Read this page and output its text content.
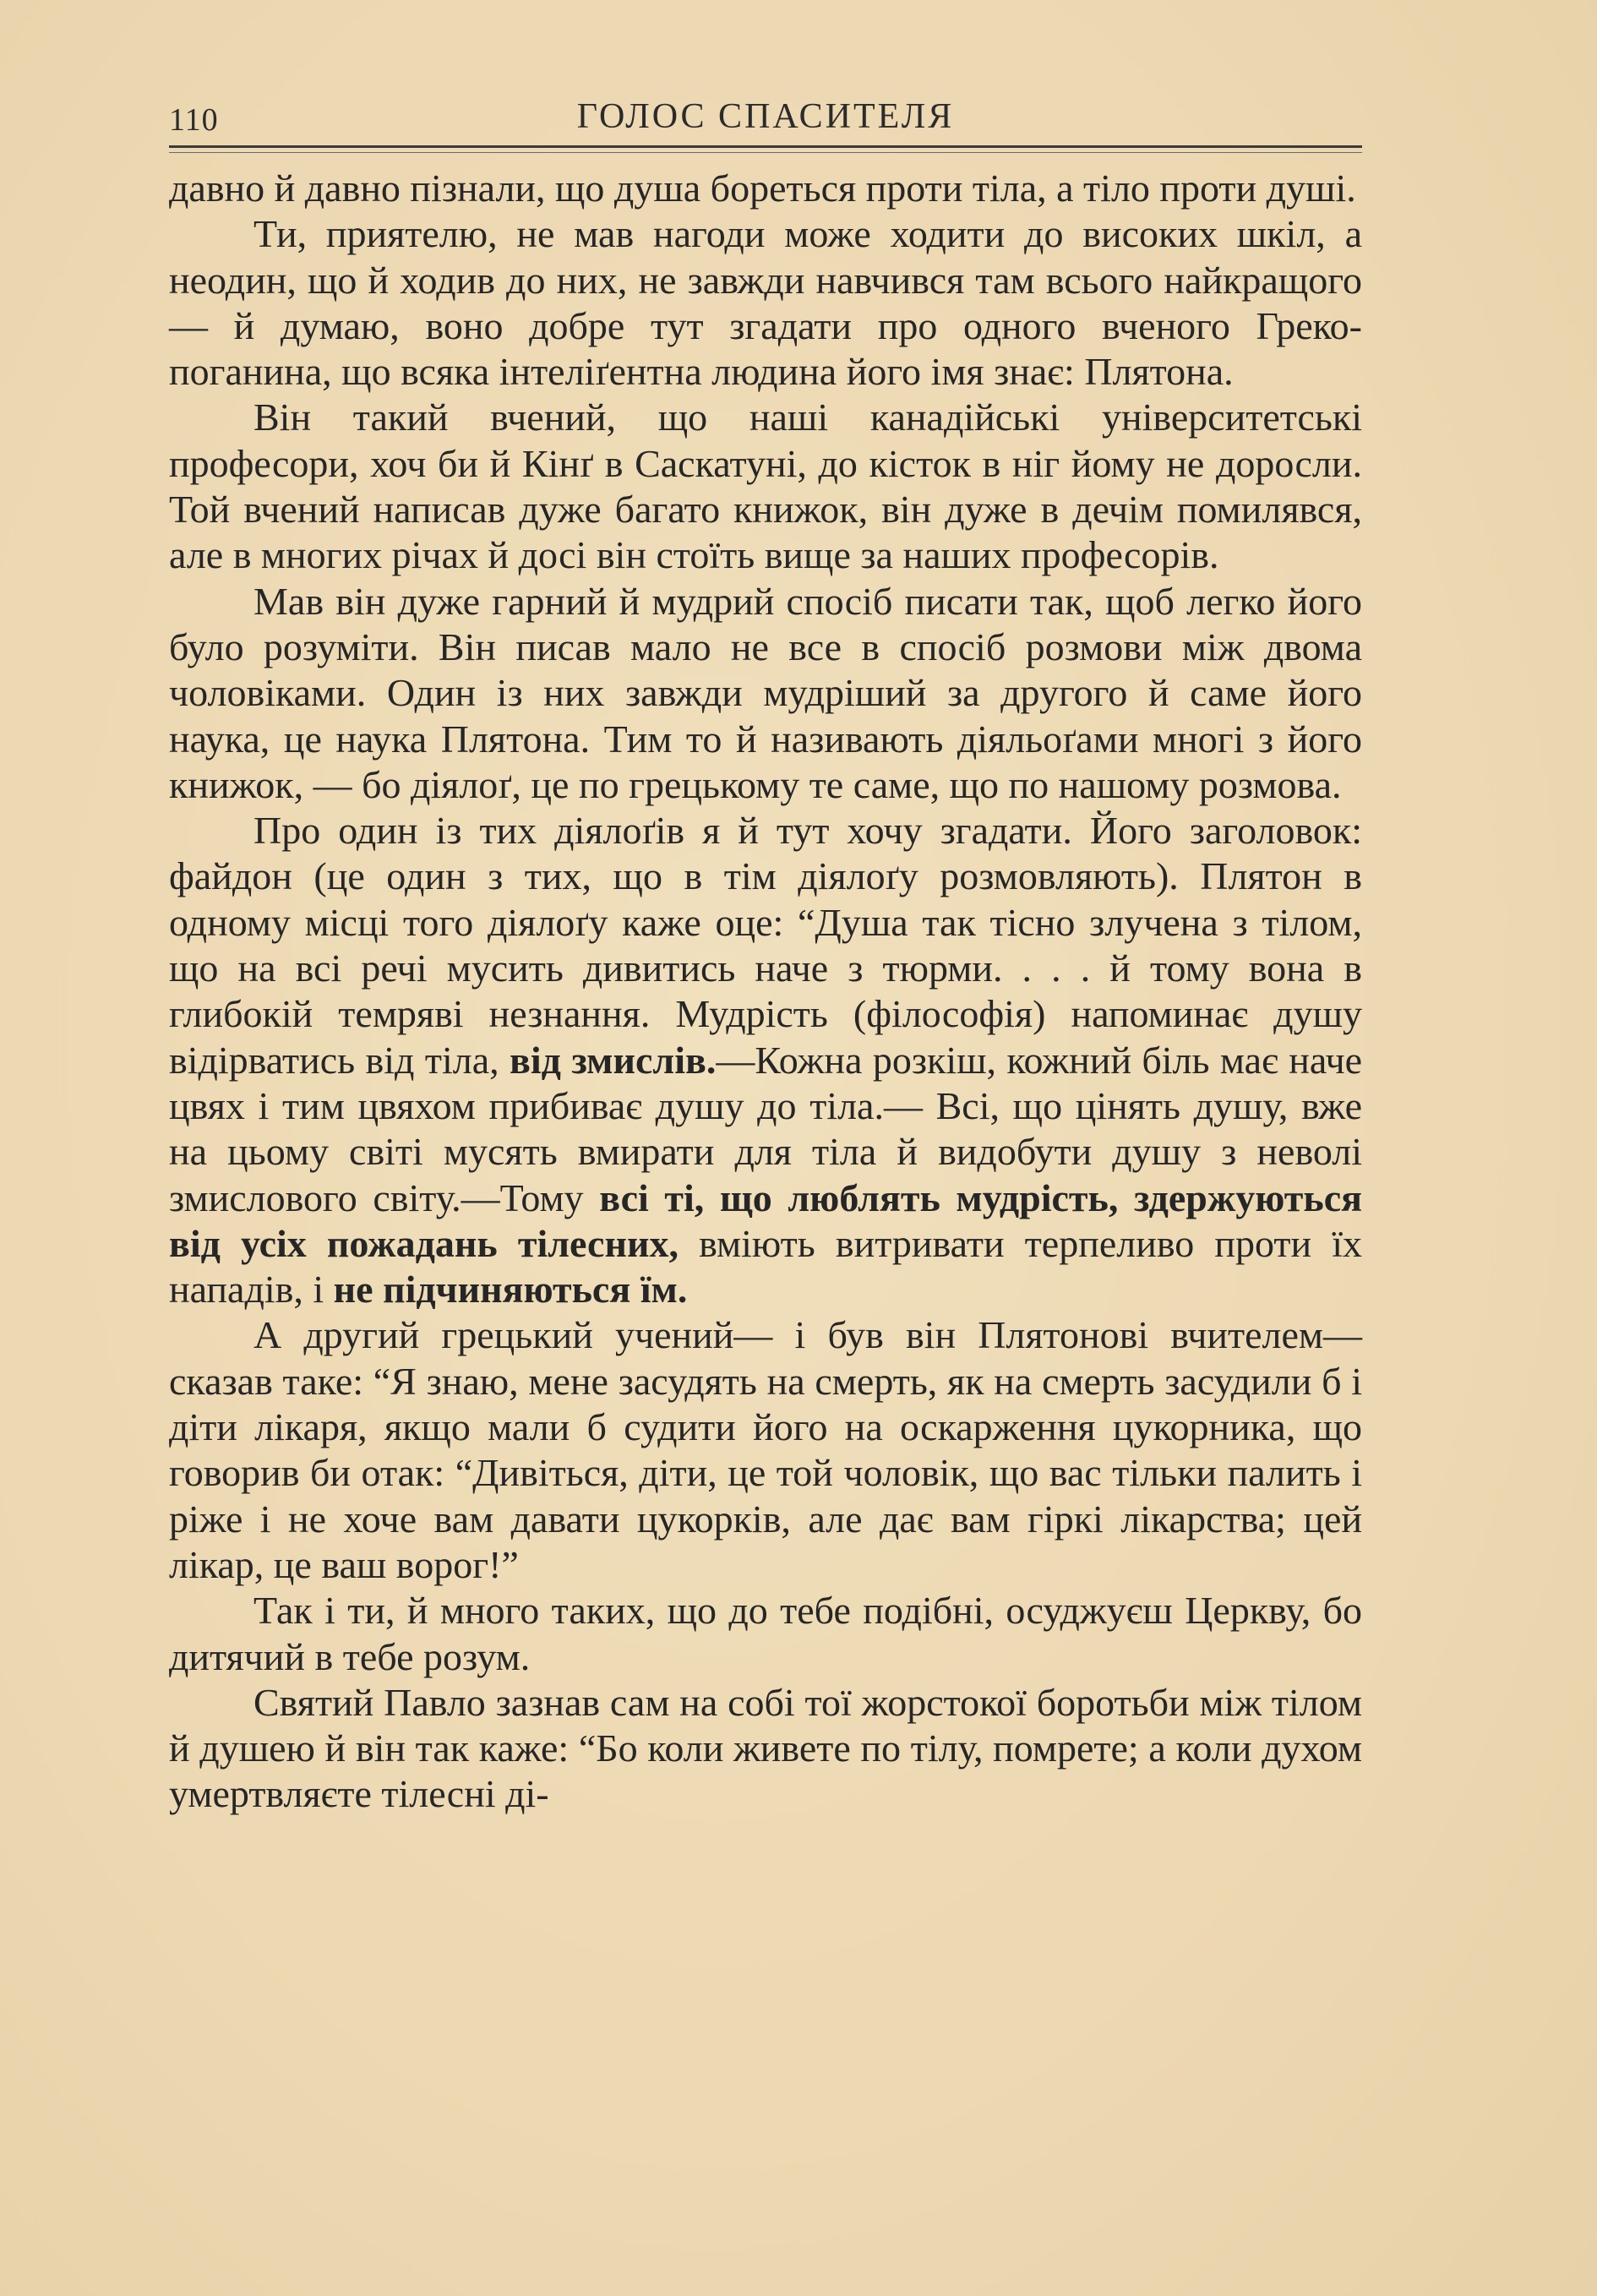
110	ГОЛОС СПАСИТЕЛЯ

давно й давно пізнали, що душа бореться проти тіла, а тіло проти душі.

Ти, приятелю, не мав нагоди може ходити до високих шкіл, а неодин, що й ходив до них, не завжди навчився там всього найкращого— й думаю, воно добре тут згадати про одного вченого Греко-поганина, що всяка інтеліґентна людина його імя знає: Плятона.

Він такий вчений, що наші канадійські університетські професори, хоч би й Кінґ в Саскатуні, до кісток в ніг йому не доросли. Той вчений написав дуже багато книжок, він дуже в дечім помилявся, але в многих річах й досі він стоїть вище за наших професорів.

Мав він дуже гарний й мудрий спосіб писати так, щоб легко його було розуміти. Він писав мало не все в спосіб розмови між двома чоловіками. Один із них завжди мудріший за другого й саме його наука, це наука Плятона. Тим то й називають діяльоґами многі з його книжок, — бо діялоґ, це по грецькому те саме, що по нашому розмова.

Про один із тих діялоґів я й тут хочу згадати. Його заголовок: файдон (це один з тих, що в тім діялоґу розмовляють). Плятон в одному місці того діялоґу каже оце: “Душа так тісно злучена з тілом, що на всі речі мусить дивитись наче з тюрми. . . . й тому вона в глибокій темряві незнання. Мудрість (філософія) напоминає душу відірватись від тіла, від змислів.—Кожна розкіш, кожний біль має наче цвях і тим цвяхом прибиває душу до тіла.— Всі, що цінять душу, вже на цьому світі мусять вмирати для тіла й видобути душу з неволі змислового світу.—Тому всі ті, що люблять мудрість, здержуються від усіх пожадань тілесних, вміють витривати терпеливо проти їх нападів, і не підчиняються їм.

А другий грецький учений— і був він Плятонові вчителем—сказав таке: “Я знаю, мене засудять на смерть, як на смерть засудили б і діти лікаря, якщо мали б судити його на оскарження цукорника, що говорив би отак: “Дивіться, діти, це той чоловік, що вас тільки палить і ріже і не хоче вам давати цукорків, але дає вам гіркі лікарства; цей лікар, це ваш ворог!”

Так і ти, й много таких, що до тебе подібні, осуджуєш Церкву, бо дитячий в тебе розум.

Святий Павло зазнав сам на собі тої жорстокої боротьби між тілом й душею й він так каже: “Бо коли живете по тілу, помрете; а коли духом умертвляєте тілесні ді-
